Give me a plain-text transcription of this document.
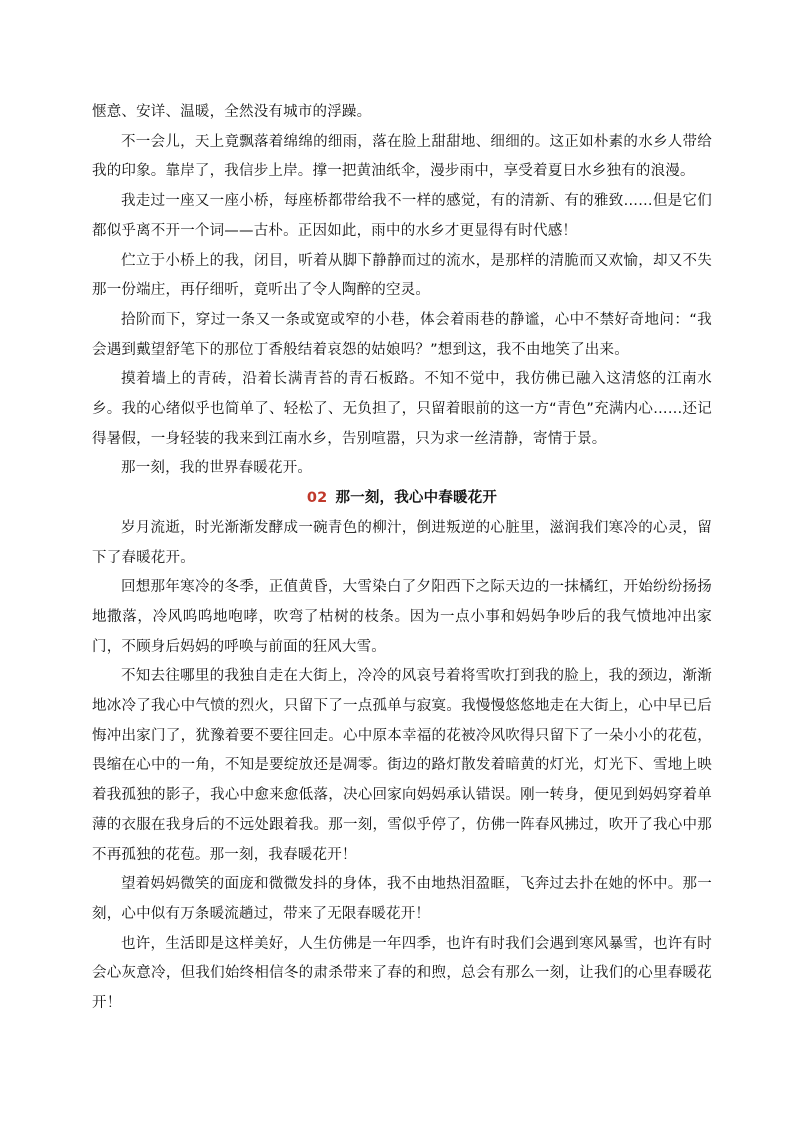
惬意、安详、温暖，全然没有城市的浮躁。

不一会儿，天上竟飘落着绵绵的细雨，落在脸上甜甜地、细细的。这正如朴素的水乡人带给我的印象。靠岸了，我信步上岸。撑一把黄油纸伞，漫步雨中，享受着夏日水乡独有的浪漫。

我走过一座又一座小桥，每座桥都带给我不一样的感觉，有的清新、有的雅致……但是它们都似乎离不开一个词——古朴。正因如此，雨中的水乡才更显得有时代感！

伫立于小桥上的我，闭目，听着从脚下静静而过的流水，是那样的清脆而又欢愉，却又不失那一份端庄，再仔细听，竟听出了令人陶醉的空灵。

拾阶而下，穿过一条又一条或宽或窄的小巷，体会着雨巷的静谧，心中不禁好奇地问：“我会遇到戴望舒笔下的那位丁香般结着哀怨的姑娘吗？”想到这，我不由地笑了出来。

摸着墙上的青砖，沿着长满青苔的青石板路。不知不觉中，我仿佛已融入这清悠的江南水乡。我的心绪似乎也简单了、轻松了、无负担了，只留着眼前的这一方“青色”充满内心……还记得暑假，一身轻装的我来到江南水乡，告别喧嚣，只为求一丝清静，寄情于景。

那一刻，我的世界春暖花开。

02 那一刻，我心中春暖花开

岁月流逝，时光渐渐发酵成一碗青色的柳汁，倒进叛逆的心脏里，滋润我们寒冷的心灵，留下了春暖花开。

回想那年寒冷的冬季，正值黄昏，大雪染白了夕阳西下之际天边的一抹橘红，开始纷纷扬扬地撒落，冷风呜呜地咆哮，吹弯了枯树的枝条。因为一点小事和妈妈争吵后的我气愤地冲出家门，不顾身后妈妈的呼唤与前面的狂风大雪。

不知去往哪里的我独自走在大街上，冷冷的风哀号着将雪吹打到我的脸上，我的颈边，渐渐地冰冷了我心中气愤的烈火，只留下了一点孤单与寂寞。我慢慢悠悠地走在大街上，心中早已后悔冲出家门了，犹豫着要不要往回走。心中原本幸福的花被冷风吹得只留下了一朵小小的花苞，畏缩在心中的一角，不知是要绽放还是凋零。街边的路灯散发着暗黄的灯光，灯光下、雪地上映着我孤独的影子，我心中愈来愈低落，决心回家向妈妈承认错误。刚一转身，便见到妈妈穿着单薄的衣服在我身后的不远处跟着我。那一刻，雪似乎停了，仿佛一阵春风拂过，吹开了我心中那不再孤独的花苞。那一刻，我春暖花开！

望着妈妈微笑的面庞和微微发抖的身体，我不由地热泪盈眶，飞奔过去扑在她的怀中。那一刻，心中似有万条暖流趟过，带来了无限春暖花开！

也许，生活即是这样美好，人生仿佛是一年四季，也许有时我们会遇到寒风暴雪，也许有时会心灰意冷，但我们始终相信冬的肃杀带来了春的和煦，总会有那么一刻，让我们的心里春暖花开！
